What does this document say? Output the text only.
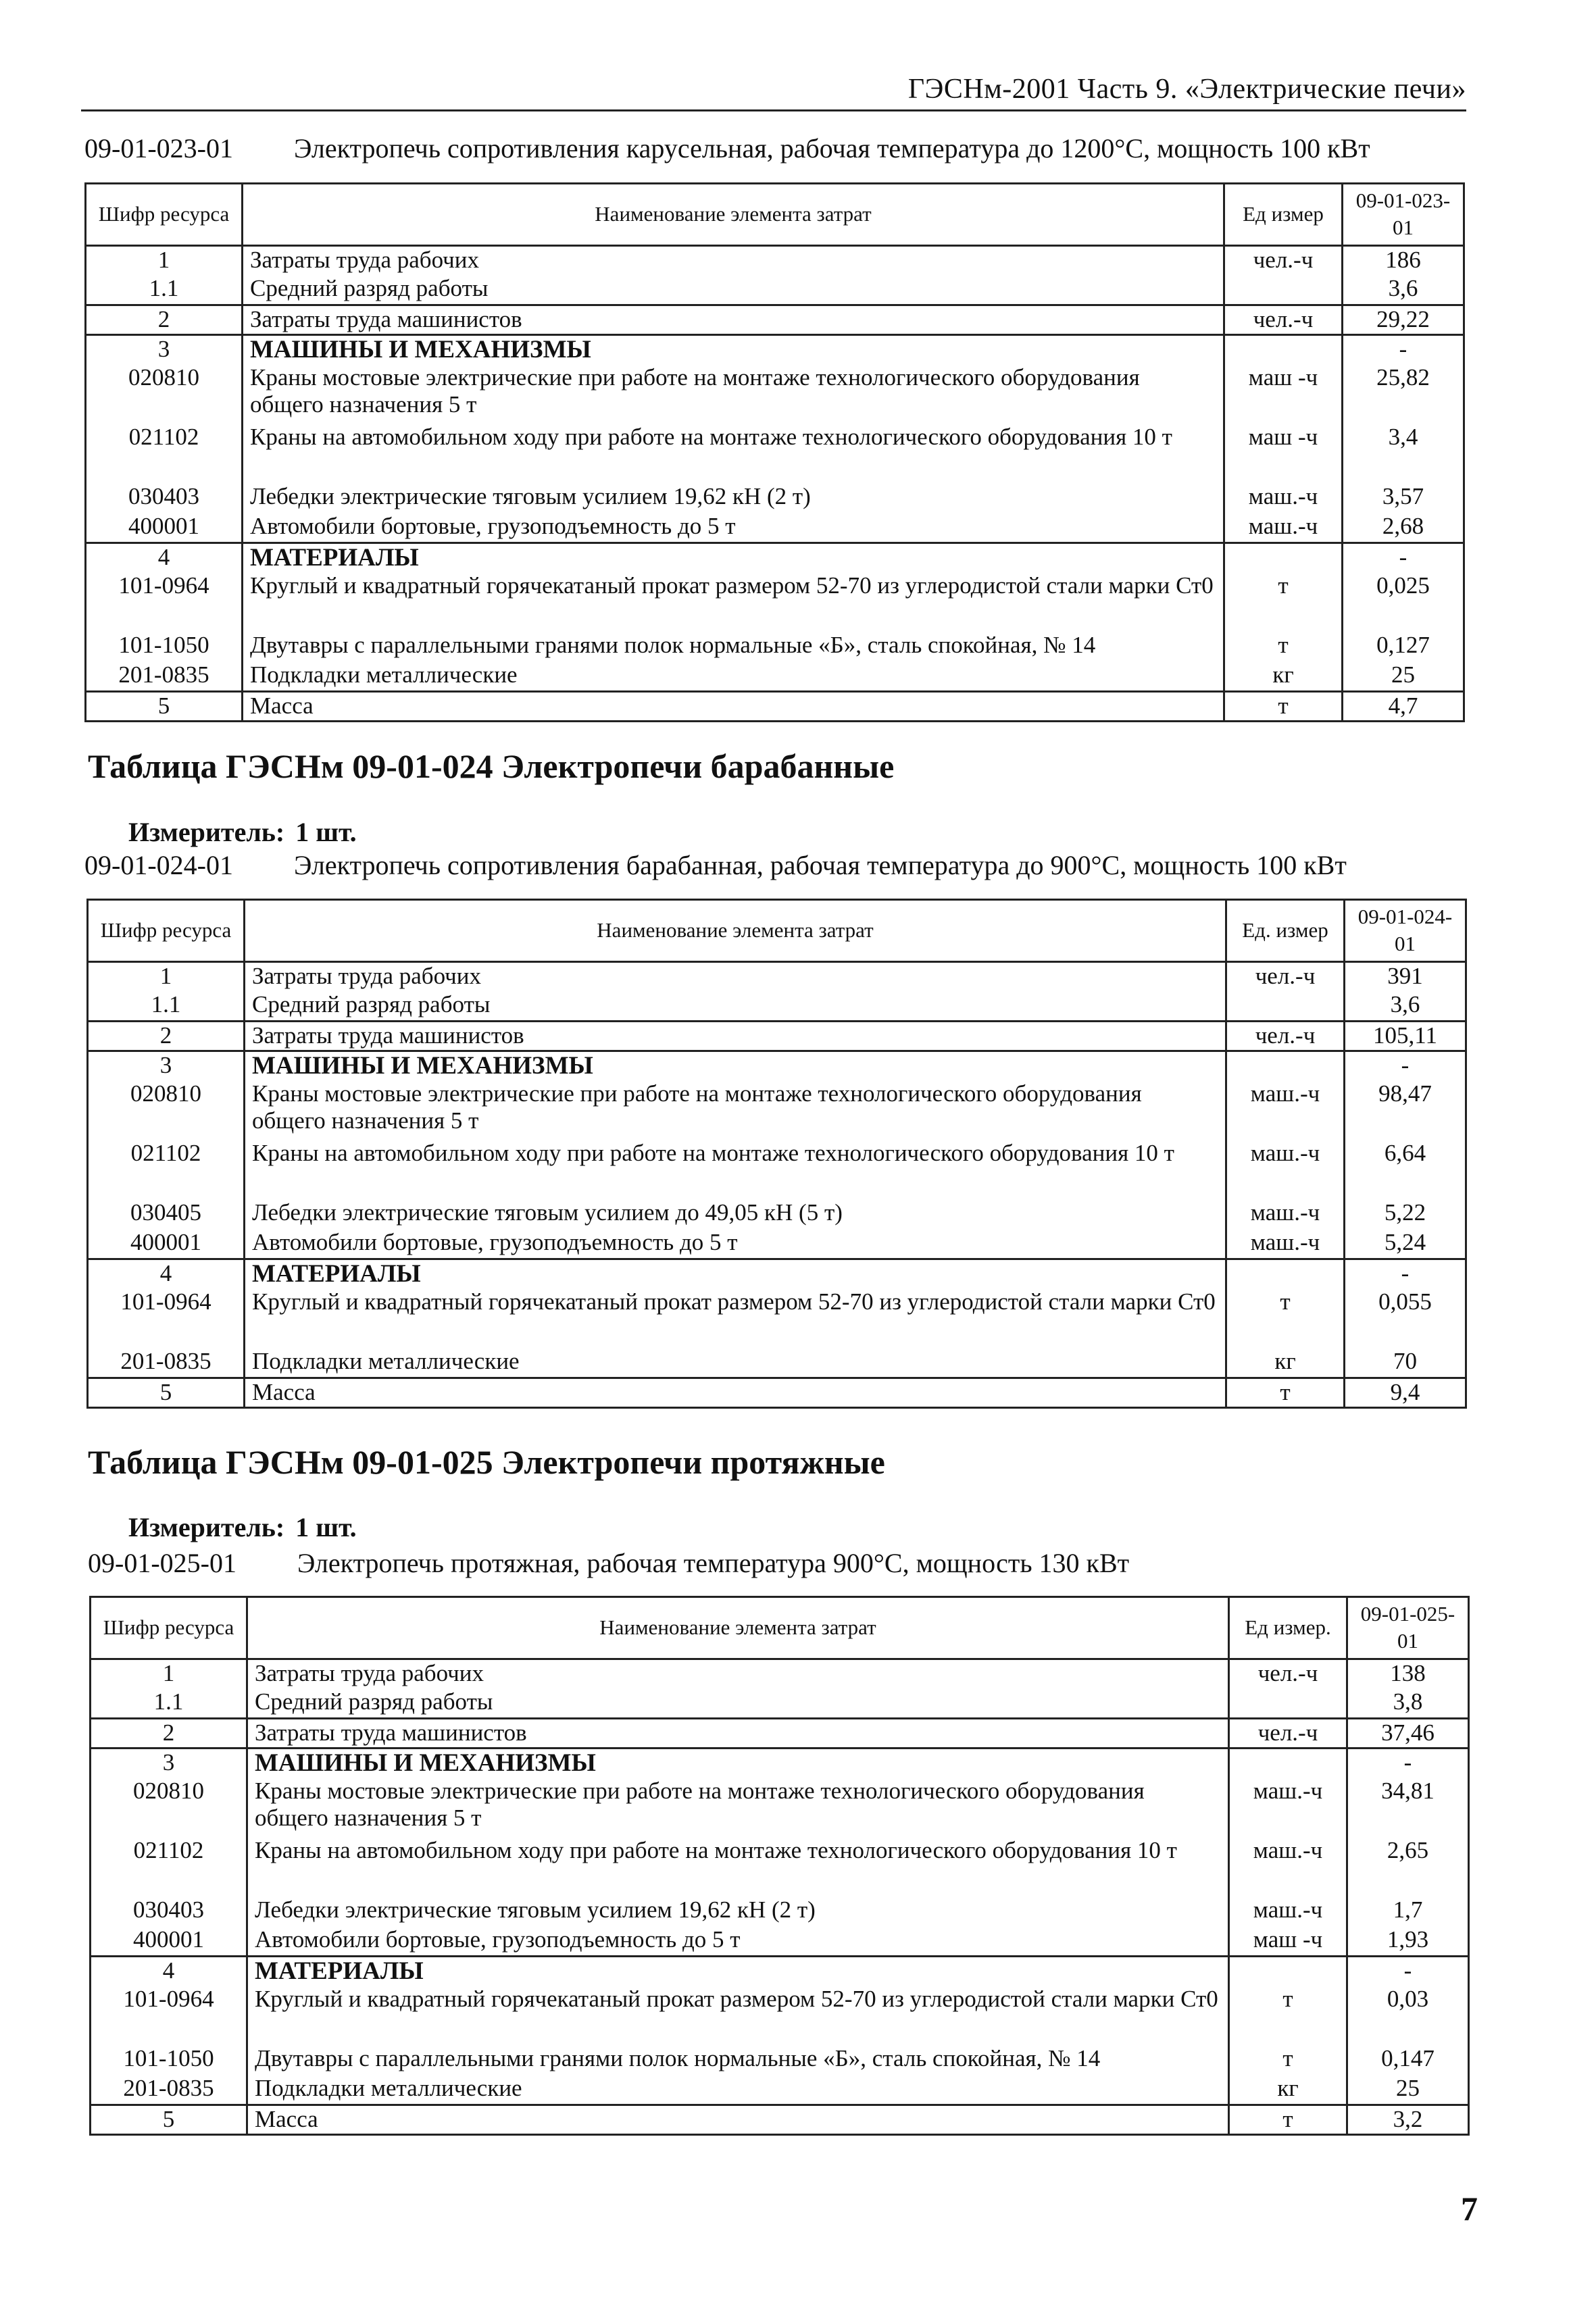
ГЭСНм-2001 Часть 9. «Электрические печи»
09-01-023-01 Электропечь сопротивления карусельная, рабочая температура до 1200°С, мощность 100 кВт
Шифр ресурса	Наименование элемента затрат	Ед измер	09-01-023-01
1	Затраты труда рабочих	чел.-ч	186
1.1	Средний разряд работы		3,6
2	Затраты труда машинистов	чел.-ч	29,22
3	МАШИНЫ И МЕХАНИЗМЫ		-
020810	Краны мостовые электрические при работе на монтаже технологического оборудования общего назначения 5 т	маш -ч	25,82
021102	Краны на автомобильном ходу при работе на монтаже технологического оборудования 10 т	маш -ч	3,4
030403	Лебедки электрические тяговым усилием 19,62 кН (2 т)	маш.-ч	3,57
400001	Автомобили бортовые, грузоподъемность до 5 т	маш.-ч	2,68
4	МАТЕРИАЛЫ		-
101-0964	Круглый и квадратный горячекатаный прокат размером 52-70 из углеродистой стали марки Ст0	т	0,025
101-1050	Двутавры с параллельными гранями полок нормальные «Б», сталь спокойная, № 14	т	0,127
201-0835	Подкладки металлические	кг	25
5	Масса	т	4,7
Таблица ГЭСНм 09-01-024 Электропечи барабанные
Измеритель: 1 шт.
09-01-024-01 Электропечь сопротивления барабанная, рабочая температура до 900°С, мощность 100 кВт
Шифр ресурса	Наименование элемента затрат	Ед. измер	09-01-024-01
1	Затраты труда рабочих	чел.-ч	391
1.1	Средний разряд работы		3,6
2	Затраты труда машинистов	чел.-ч	105,11
3	МАШИНЫ И МЕХАНИЗМЫ		-
020810	Краны мостовые электрические при работе на монтаже технологического оборудования общего назначения 5 т	маш.-ч	98,47
021102	Краны на автомобильном ходу при работе на монтаже технологического оборудования 10 т	маш.-ч	6,64
030405	Лебедки электрические тяговым усилием до 49,05 кН (5 т)	маш.-ч	5,22
400001	Автомобили бортовые, грузоподъемность до 5 т	маш.-ч	5,24
4	МАТЕРИАЛЫ		-
101-0964	Круглый и квадратный горячекатаный прокат размером 52-70 из углеродистой стали марки Ст0	т	0,055
201-0835	Подкладки металлические	кг	70
5	Масса	т	9,4
Таблица ГЭСНм 09-01-025 Электропечи протяжные
Измеритель: 1 шт.
09-01-025-01 Электропечь протяжная, рабочая температура 900°С, мощность 130 кВт
Шифр ресурса	Наименование элемента затрат	Ед измер.	09-01-025-01
1	Затраты труда рабочих	чел.-ч	138
1.1	Средний разряд работы		3,8
2	Затраты труда машинистов	чел.-ч	37,46
3	МАШИНЫ И МЕХАНИЗМЫ		-
020810	Краны мостовые электрические при работе на монтаже технологического оборудования общего назначения 5 т	маш.-ч	34,81
021102	Краны на автомобильном ходу при работе на монтаже технологического оборудования 10 т	маш.-ч	2,65
030403	Лебедки электрические тяговым усилием 19,62 кН (2 т)	маш.-ч	1,7
400001	Автомобили бортовые, грузоподъемность до 5 т	маш -ч	1,93
4	МАТЕРИАЛЫ		-
101-0964	Круглый и квадратный горячекатаный прокат размером 52-70 из углеродистой стали марки Ст0	т	0,03
101-1050	Двутавры с параллельными гранями полок нормальные «Б», сталь спокойная, № 14	т	0,147
201-0835	Подкладки металлические	кг	25
5	Масса	т	3,2
7
